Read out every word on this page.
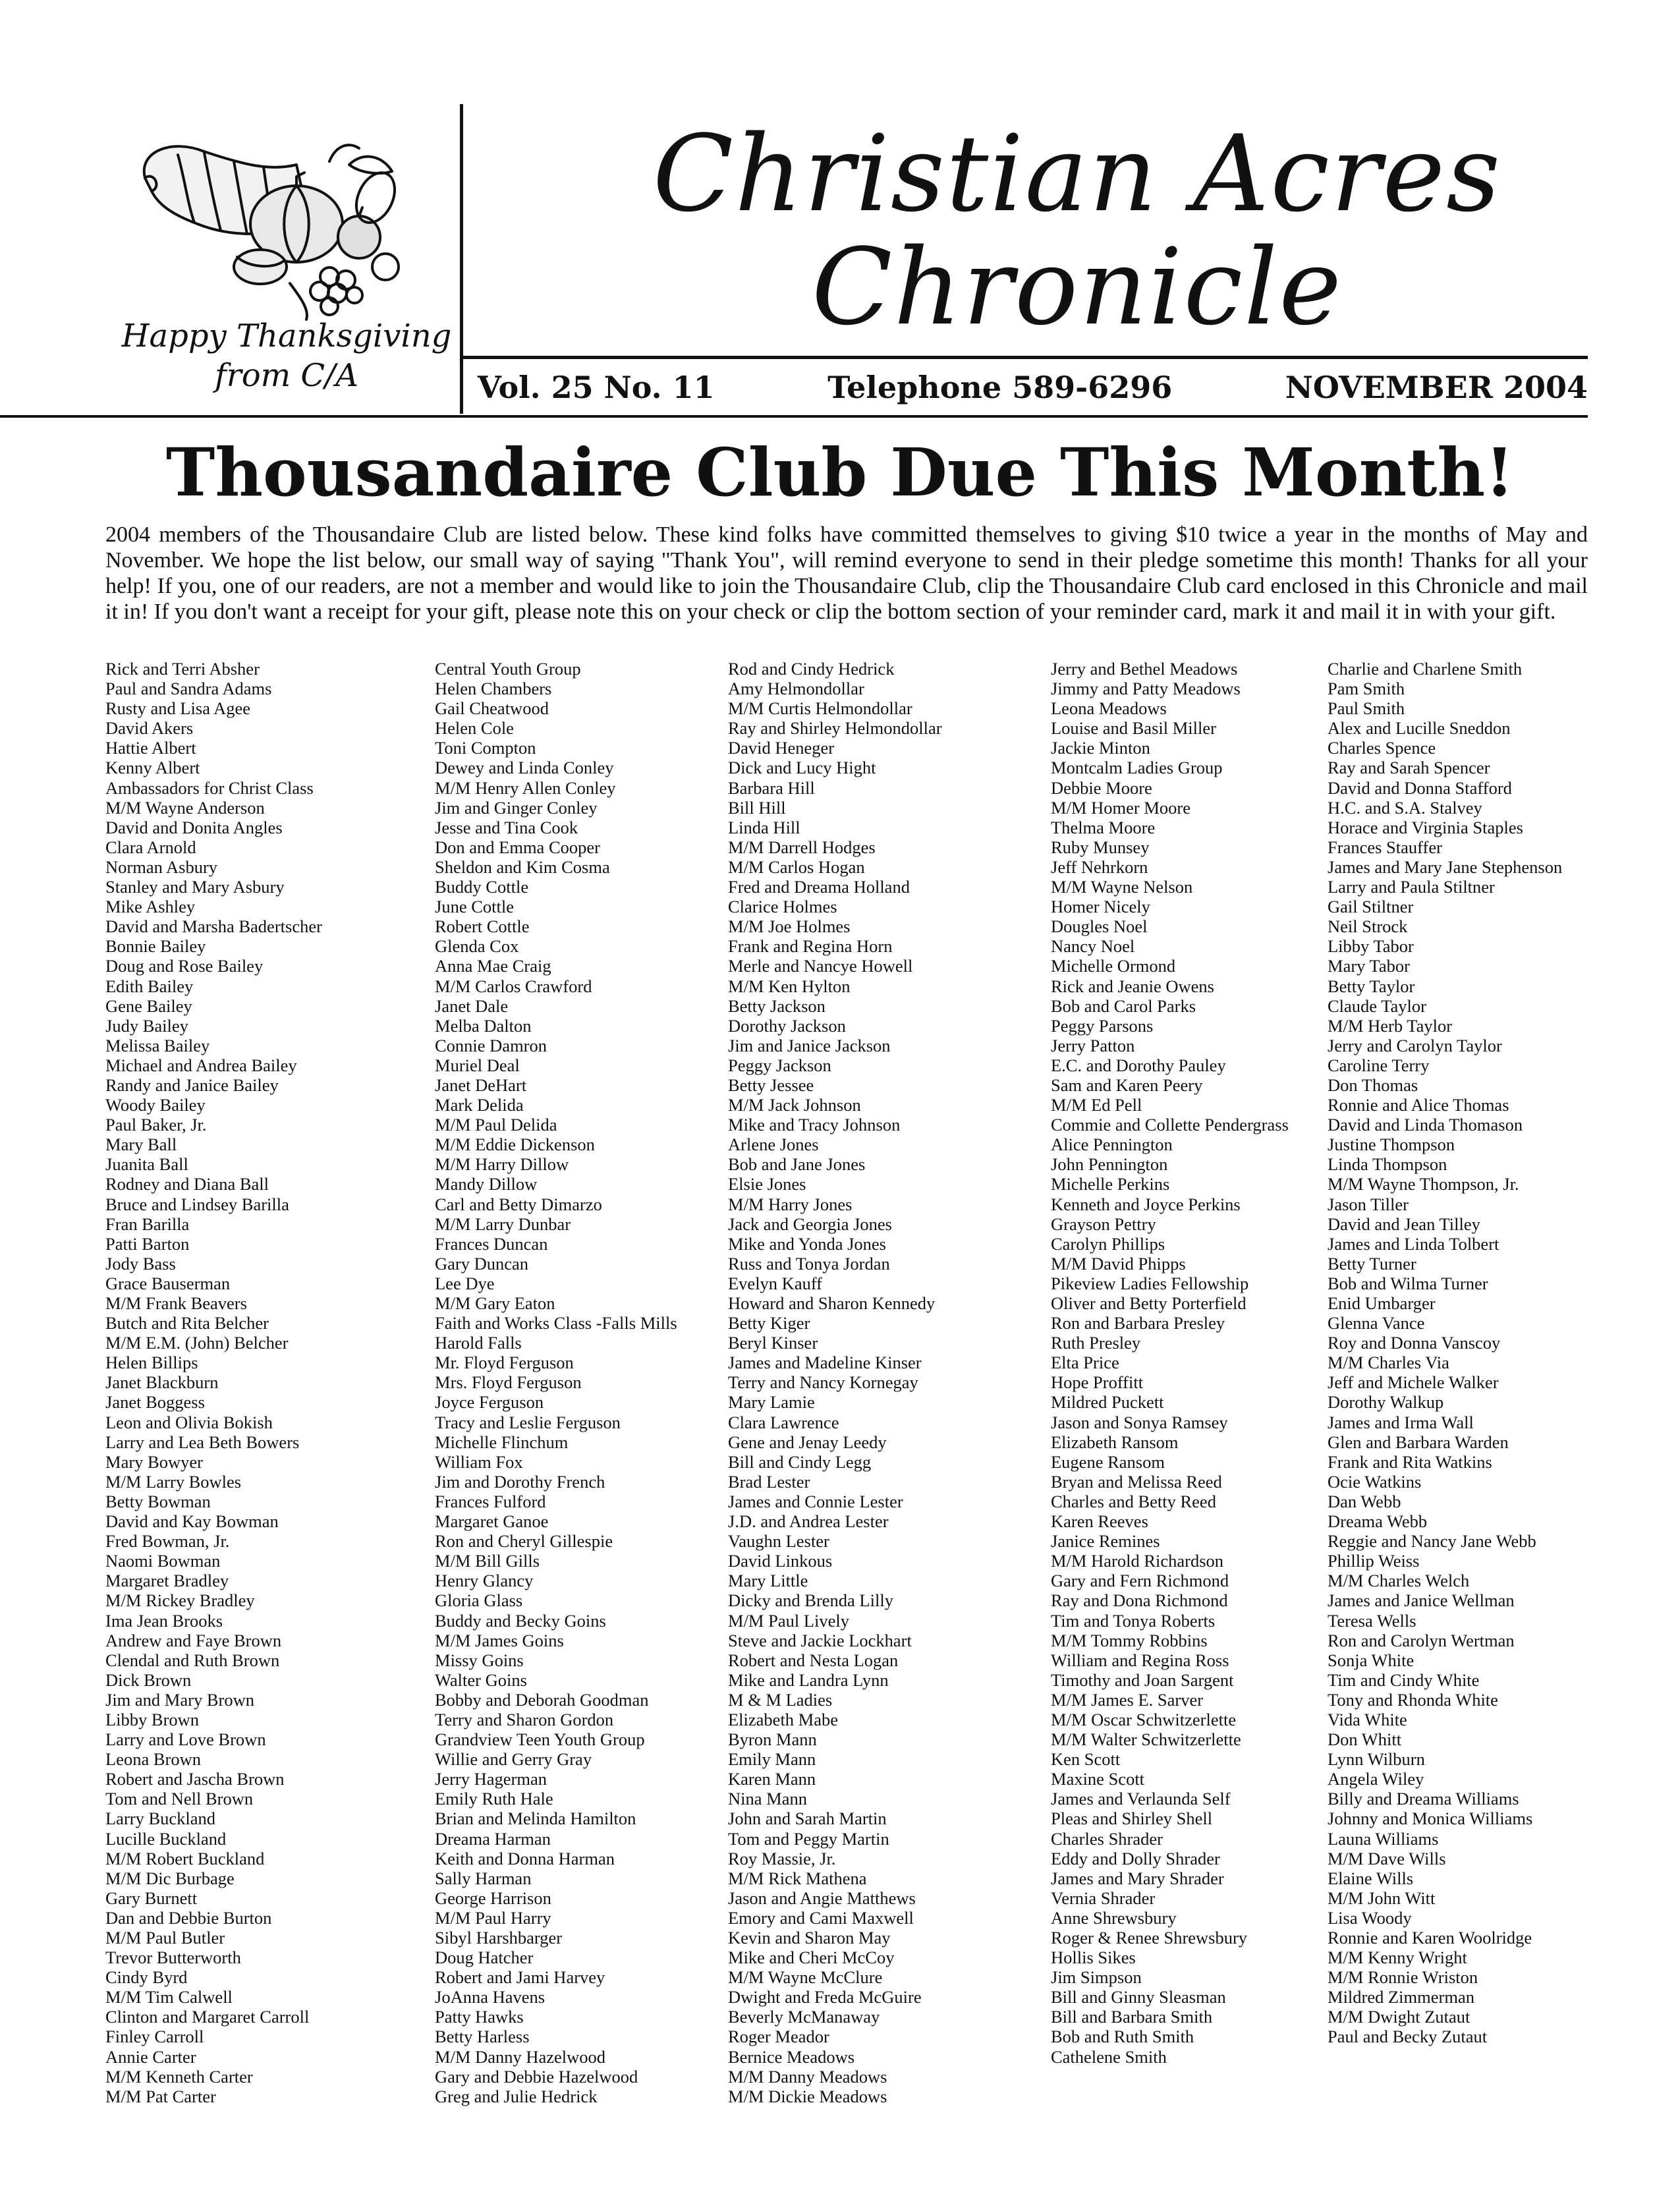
Happy Thanksgiving
from C/A
Christian Acres
Chronicle
Vol. 25 No. 11	Telephone 589-6296	NOVEMBER 2004
Thousandaire Club Due This Month!

2004 members of the Thousandaire Club are listed below. These kind folks have committed themselves to giving $10 twice a year in the months of May and November. We hope the list below, our small way of saying "Thank You", will remind everyone to send in their pledge sometime this month! Thanks for all your help! If you, one of our readers, are not a member and would like to join the Thousandaire Club, clip the Thousandaire Club card enclosed in this Chronicle and mail it in! If you don't want a receipt for your gift, please note this on your check or clip the bottom section of your reminder card, mark it and mail it in with your gift.

Rick and Terri Absher
Paul and Sandra Adams
Rusty and Lisa Agee
David Akers
Hattie Albert
Kenny Albert
Ambassadors for Christ Class
M/M Wayne Anderson
David and Donita Angles
Clara Arnold
Norman Asbury
Stanley and Mary Asbury
Mike Ashley
David and Marsha Badertscher
Bonnie Bailey
Doug and Rose Bailey
Edith Bailey
Gene Bailey
Judy Bailey
Melissa Bailey
Michael and Andrea Bailey
Randy and Janice Bailey
Woody Bailey
Paul Baker, Jr.
Mary Ball
Juanita Ball
Rodney and Diana Ball
Bruce and Lindsey Barilla
Fran Barilla
Patti Barton
Jody Bass
Grace Bauserman
M/M Frank Beavers
Butch and Rita Belcher
M/M E.M. (John) Belcher
Helen Billips
Janet Blackburn
Janet Boggess
Leon and Olivia Bokish
Larry and Lea Beth Bowers
Mary Bowyer
M/M Larry Bowles
Betty Bowman
David and Kay Bowman
Fred Bowman, Jr.
Naomi Bowman
Margaret Bradley
M/M Rickey Bradley
Ima Jean Brooks
Andrew and Faye Brown
Clendal and Ruth Brown
Dick Brown
Jim and Mary Brown
Libby Brown
Larry and Love Brown
Leona Brown
Robert and Jascha Brown
Tom and Nell Brown
Larry Buckland
Lucille Buckland
M/M Robert Buckland
M/M Dic Burbage
Gary Burnett
Dan and Debbie Burton
M/M Paul Butler
Trevor Butterworth
Cindy Byrd
M/M Tim Calwell
Clinton and Margaret Carroll
Finley Carroll
Annie Carter
M/M Kenneth Carter
M/M Pat Carter
Central Youth Group
Helen Chambers
Gail Cheatwood
Helen Cole
Toni Compton
Dewey and Linda Conley
M/M Henry Allen Conley
Jim and Ginger Conley
Jesse and Tina Cook
Don and Emma Cooper
Sheldon and Kim Cosma
Buddy Cottle
June Cottle
Robert Cottle
Glenda Cox
Anna Mae Craig
M/M Carlos Crawford
Janet Dale
Melba Dalton
Connie Damron
Muriel Deal
Janet DeHart
Mark Delida
M/M Paul Delida
M/M Eddie Dickenson
M/M Harry Dillow
Mandy Dillow
Carl and Betty Dimarzo
M/M Larry Dunbar
Frances Duncan
Gary Duncan
Lee Dye
M/M Gary Eaton
Faith and Works Class -Falls Mills
Harold Falls
Mr. Floyd Ferguson
Mrs. Floyd Ferguson
Joyce Ferguson
Tracy and Leslie Ferguson
Michelle Flinchum
William Fox
Jim and Dorothy French
Frances Fulford
Margaret Ganoe
Ron and Cheryl Gillespie
M/M Bill Gills
Henry Glancy
Gloria Glass
Buddy and Becky Goins
M/M James Goins
Missy Goins
Walter Goins
Bobby and Deborah Goodman
Terry and Sharon Gordon
Grandview Teen Youth Group
Willie and Gerry Gray
Jerry Hagerman
Emily Ruth Hale
Brian and Melinda Hamilton
Dreama Harman
Keith and Donna Harman
Sally Harman
George Harrison
M/M Paul Harry
Sibyl Harshbarger
Doug Hatcher
Robert and Jami Harvey
JoAnna Havens
Patty Hawks
Betty Harless
M/M Danny Hazelwood
Gary and Debbie Hazelwood
Greg and Julie Hedrick
Rod and Cindy Hedrick
Amy Helmondollar
M/M Curtis Helmondollar
Ray and Shirley Helmondollar
David Heneger
Dick and Lucy Hight
Barbara Hill
Bill Hill
Linda Hill
M/M Darrell Hodges
M/M Carlos Hogan
Fred and Dreama Holland
Clarice Holmes
M/M Joe Holmes
Frank and Regina Horn
Merle and Nancye Howell
M/M Ken Hylton
Betty Jackson
Dorothy Jackson
Jim and Janice Jackson
Peggy Jackson
Betty Jessee
M/M Jack Johnson
Mike and Tracy Johnson
Arlene Jones
Bob and Jane Jones
Elsie Jones
M/M Harry Jones
Jack and Georgia Jones
Mike and Yonda Jones
Russ and Tonya Jordan
Evelyn Kauff
Howard and Sharon Kennedy
Betty Kiger
Beryl Kinser
James and Madeline Kinser
Terry and Nancy Kornegay
Mary Lamie
Clara Lawrence
Gene and Jenay Leedy
Bill and Cindy Legg
Brad Lester
James and Connie Lester
J.D. and Andrea Lester
Vaughn Lester
David Linkous
Mary Little
Dicky and Brenda Lilly
M/M Paul Lively
Steve and Jackie Lockhart
Robert and Nesta Logan
Mike and Landra Lynn
M & M Ladies
Elizabeth Mabe
Byron Mann
Emily Mann
Karen Mann
Nina Mann
John and Sarah Martin
Tom and Peggy Martin
Roy Massie, Jr.
M/M Rick Mathena
Jason and Angie Matthews
Emory and Cami Maxwell
Kevin and Sharon May
Mike and Cheri McCoy
M/M Wayne McClure
Dwight and Freda McGuire
Beverly McManaway
Roger Meador
Bernice Meadows
M/M Danny Meadows
M/M Dickie Meadows
Jerry and Bethel Meadows
Jimmy and Patty Meadows
Leona Meadows
Louise and Basil Miller
Jackie Minton
Montcalm Ladies Group
Debbie Moore
M/M Homer Moore
Thelma Moore
Ruby Munsey
Jeff Nehrkorn
M/M Wayne Nelson
Homer Nicely
Dougles Noel
Nancy Noel
Michelle Ormond
Rick and Jeanie Owens
Bob and Carol Parks
Peggy Parsons
Jerry Patton
E.C. and Dorothy Pauley
Sam and Karen Peery
M/M Ed Pell
Commie and Collette Pendergrass
Alice Pennington
John Pennington
Michelle Perkins
Kenneth and Joyce Perkins
Grayson Pettry
Carolyn Phillips
M/M David Phipps
Pikeview Ladies Fellowship
Oliver and Betty Porterfield
Ron and Barbara Presley
Ruth Presley
Elta Price
Hope Proffitt
Mildred Puckett
Jason and Sonya Ramsey
Elizabeth Ransom
Eugene Ransom
Bryan and Melissa Reed
Charles and Betty Reed
Karen Reeves
Janice Remines
M/M Harold Richardson
Gary and Fern Richmond
Ray and Dona Richmond
Tim and Tonya Roberts
M/M Tommy Robbins
William and Regina Ross
Timothy and Joan Sargent
M/M James E. Sarver
M/M Oscar Schwitzerlette
M/M Walter Schwitzerlette
Ken Scott
Maxine Scott
James and Verlaunda Self
Pleas and Shirley Shell
Charles Shrader
Eddy and Dolly Shrader
James and Mary Shrader
Vernia Shrader
Anne Shrewsbury
Roger & Renee Shrewsbury
Hollis Sikes
Jim Simpson
Bill and Ginny Sleasman
Bill and Barbara Smith
Bob and Ruth Smith
Cathelene Smith
Charlie and Charlene Smith
Pam Smith
Paul Smith
Alex and Lucille Sneddon
Charles Spence
Ray and Sarah Spencer
David and Donna Stafford
H.C. and S.A. Stalvey
Horace and Virginia Staples
Frances Stauffer
James and Mary Jane Stephenson
Larry and Paula Stiltner
Gail Stiltner
Neil Strock
Libby Tabor
Mary Tabor
Betty Taylor
Claude Taylor
M/M Herb Taylor
Jerry and Carolyn Taylor
Caroline Terry
Don Thomas
Ronnie and Alice Thomas
David and Linda Thomason
Justine Thompson
Linda Thompson
M/M Wayne Thompson, Jr.
Jason Tiller
David and Jean Tilley
James and Linda Tolbert
Betty Turner
Bob and Wilma Turner
Enid Umbarger
Glenna Vance
Roy and Donna Vanscoy
M/M Charles Via
Jeff and Michele Walker
Dorothy Walkup
James and Irma Wall
Glen and Barbara Warden
Frank and Rita Watkins
Ocie Watkins
Dan Webb
Dreama Webb
Reggie and Nancy Jane Webb
Phillip Weiss
M/M Charles Welch
James and Janice Wellman
Teresa Wells
Ron and Carolyn Wertman
Sonja White
Tim and Cindy White
Tony and Rhonda White
Vida White
Don Whitt
Lynn Wilburn
Angela Wiley
Billy and Dreama Williams
Johnny and Monica Williams
Launa Williams
M/M Dave Wills
Elaine Wills
M/M John Witt
Lisa Woody
Ronnie and Karen Woolridge
M/M Kenny Wright
M/M Ronnie Wriston
Mildred Zimmerman
M/M Dwight Zutaut
Paul and Becky Zutaut
